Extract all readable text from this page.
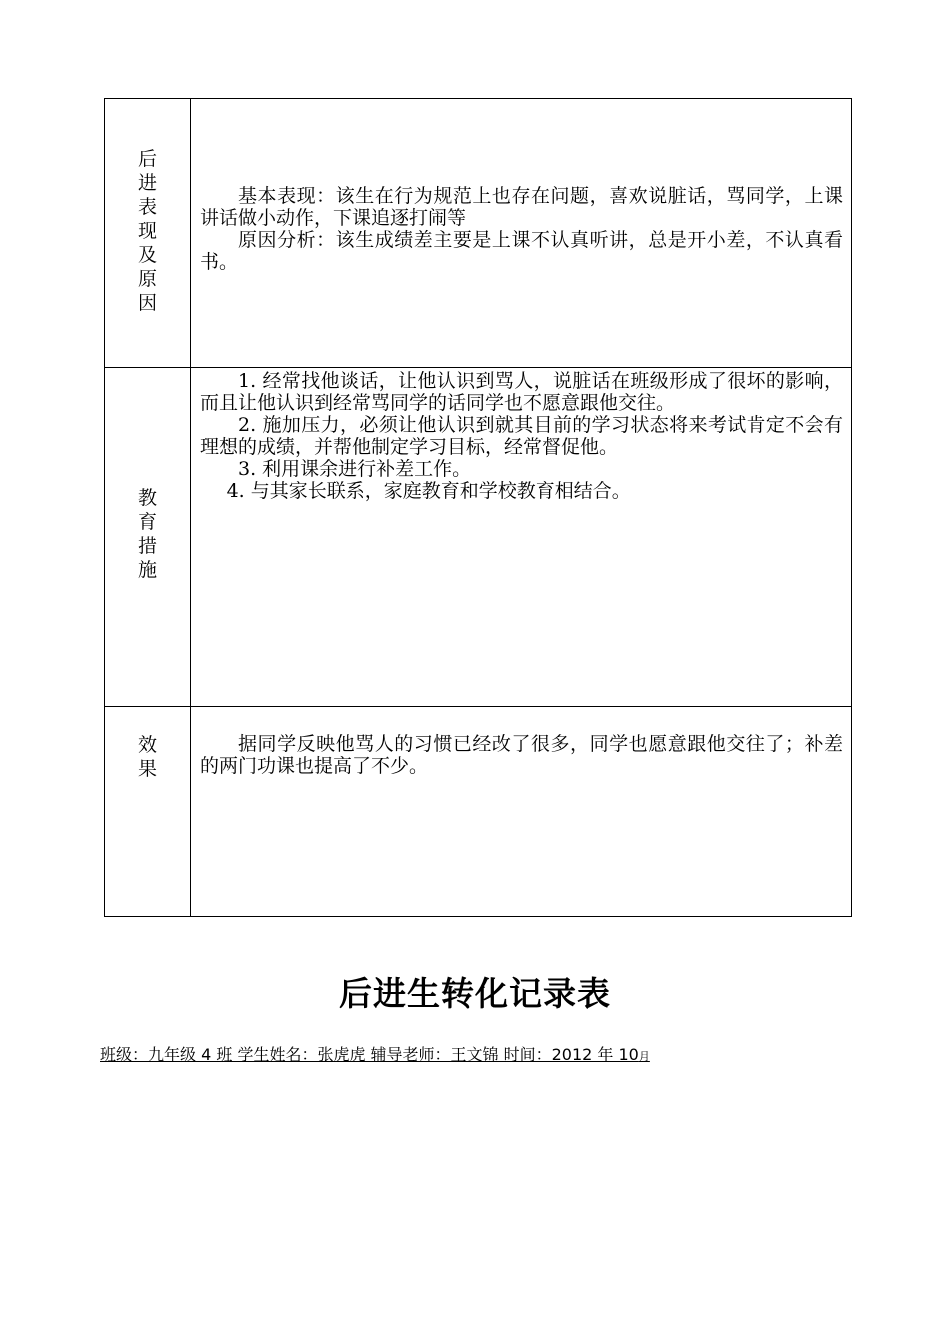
后进表现及原因	基本表现：该生在行为规范上也存在问题，喜欢说脏话，骂同学，上课讲话做小动作，下课追逐打闹等

原因分析：该生成绩差主要是上课不认真听讲，总是开小差，不认真看书。

教育措施	1. 经常找他谈话，让他认识到骂人，说脏话在班级形成了很坏的影响，而且让他认识到经常骂同学的话同学也不愿意跟他交往。

2. 施加压力，必须让他认识到就其目前的学习状态将来考试肯定不会有理想的成绩，并帮他制定学习目标，经常督促他。

3. 利用课余进行补差工作。

4. 与其家长联系，家庭教育和学校教育相结合。

效果	据同学反映他骂人的习惯已经改了很多，同学也愿意跟他交往了；补差的两门功课也提高了不少。

后进生转化记录表
班级：九年级 4 班 学生姓名：张虎虎 辅导老师：王文锦 时间：2012 年 10月
